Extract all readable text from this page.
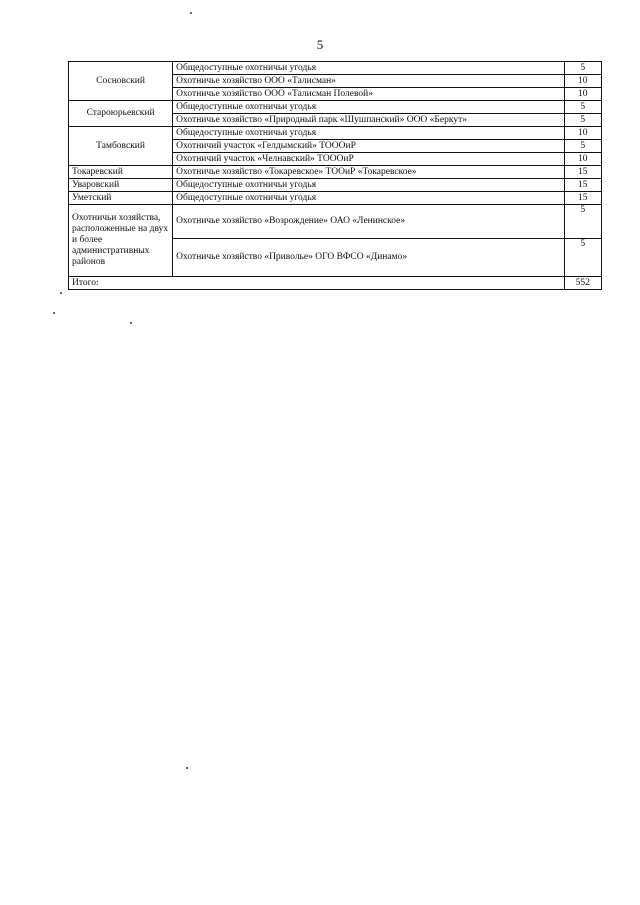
5
Сосновский	Общедоступные охотничьи угодья	5
	Охотничье хозяйство ООО «Талисман»	10
	Охотничье хозяйство ООО «Талисман Полевой»	10
Староюрьевский	Общедоступные охотничьи угодья	5
	Охотничье хозяйство «Природный парк «Шушпанский» ООО «Беркут»	5
Тамбовский	Общедоступные охотничьи угодья	10
	Охотничий участок «Гелдымский» ТОООиР	5
	Охотничий участок «Челнавский» ТОООиР	10
Токаревский	Охотничье хозяйство «Токаревское» ТООиР «Токаревское»	15
Уваровский	Общедоступные охотничьи угодья	15
Уметский	Общедоступные охотничьи угодья	15
Охотничьи хозяйства, расположенные на двух и более административных районов	Охотничье хозяйство «Возрождение» ОАО «Ленинское»	5
	Охотничье хозяйство «Приволье» ОГО ВФСО «Динамо»	5
Итого:		552
